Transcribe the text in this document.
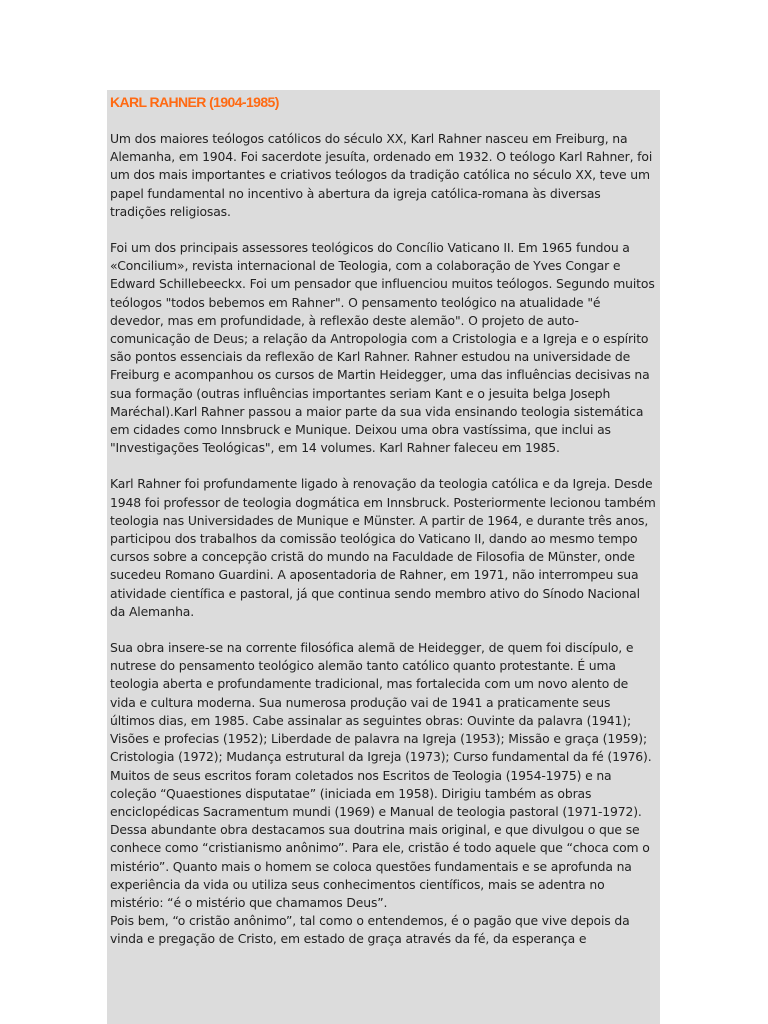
KARL RAHNER (1904-1985)

Um dos maiores teólogos católicos do século XX, Karl Rahner nasceu em Freiburg, na Alemanha, em 1904. Foi sacerdote jesuíta, ordenado em 1932. O teólogo Karl Rahner, foi um dos mais importantes e criativos teólogos da tradição católica no século XX, teve um papel fundamental no incentivo à abertura da igreja católica-romana às diversas tradições religiosas.

Foi um dos principais assessores teológicos do Concílio Vaticano II. Em 1965 fundou a «Concilium», revista internacional de Teologia, com a colaboração de Yves Congar e Edward Schillebeeckx. Foi um pensador que influenciou muitos teólogos. Segundo muitos teólogos "todos bebemos em Rahner". O pensamento teológico na atualidade "é devedor, mas em profundidade, à reflexão deste alemão". O projeto de auto-comunicação de Deus; a relação da Antropologia com a Cristologia e a Igreja e o espírito são pontos essenciais da reflexão de Karl Rahner. Rahner estudou na universidade de Freiburg e acompanhou os cursos de Martin Heidegger, uma das influências decisivas na sua formação (outras influências importantes seriam Kant e o jesuita belga Joseph Maréchal).Karl Rahner passou a maior parte da sua vida ensinando teologia sistemática em cidades como Innsbruck e Munique. Deixou uma obra vastíssima, que inclui as "Investigações Teológicas", em 14 volumes. Karl Rahner faleceu em 1985.

Karl Rahner foi profundamente ligado à renovação da teologia católica e da Igreja. Desde 1948 foi professor de teologia dogmática em Innsbruck. Posteriormente lecionou também teologia nas Universidades de Munique e Münster. A partir de 1964, e durante três anos, participou dos trabalhos da comissão teológica do Vaticano II, dando ao mesmo tempo cursos sobre a concepção cristã do mundo na Faculdade de Filosofia de Münster, onde sucedeu Romano Guardini. A aposentadoria de Rahner, em 1971, não interrompeu sua atividade científica e pastoral, já que continua sendo membro ativo do Sínodo Nacional da Alemanha.

Sua obra insere-se na corrente filosófica alemã de Heidegger, de quem foi discípulo, e nutrese do pensamento teológico alemão tanto católico quanto protestante. É uma teologia aberta e profundamente tradicional, mas fortalecida com um novo alento de vida e cultura moderna. Sua numerosa produção vai de 1941 a praticamente seus últimos dias, em 1985. Cabe assinalar as seguintes obras: Ouvinte da palavra (1941); Visões e profecias (1952); Liberdade de palavra na Igreja (1953); Missão e graça (1959); Cristologia (1972); Mudança estrutural da Igreja (1973); Curso fundamental da fé (1976). Muitos de seus escritos foram coletados nos Escritos de Teologia (1954-1975) e na coleção “Quaestiones disputatae” (iniciada em 1958). Dirigiu também as obras enciclopédicas Sacramentum mundi (1969) e Manual de teologia pastoral (1971-1972).

Dessa abundante obra destacamos sua doutrina mais original, e que divulgou o que se conhece como “cristianismo anônimo”. Para ele, cristão é todo aquele que “choca com o mistério”. Quanto mais o homem se coloca questões fundamentais e se aprofunda na experiência da vida ou utiliza seus conhecimentos científicos, mais se adentra no mistério: “é o mistério que chamamos Deus”.

Pois bem, “o cristão anônimo”, tal como o entendemos, é o pagão que vive depois da vinda e pregação de Cristo, em estado de graça através da fé, da esperança e
